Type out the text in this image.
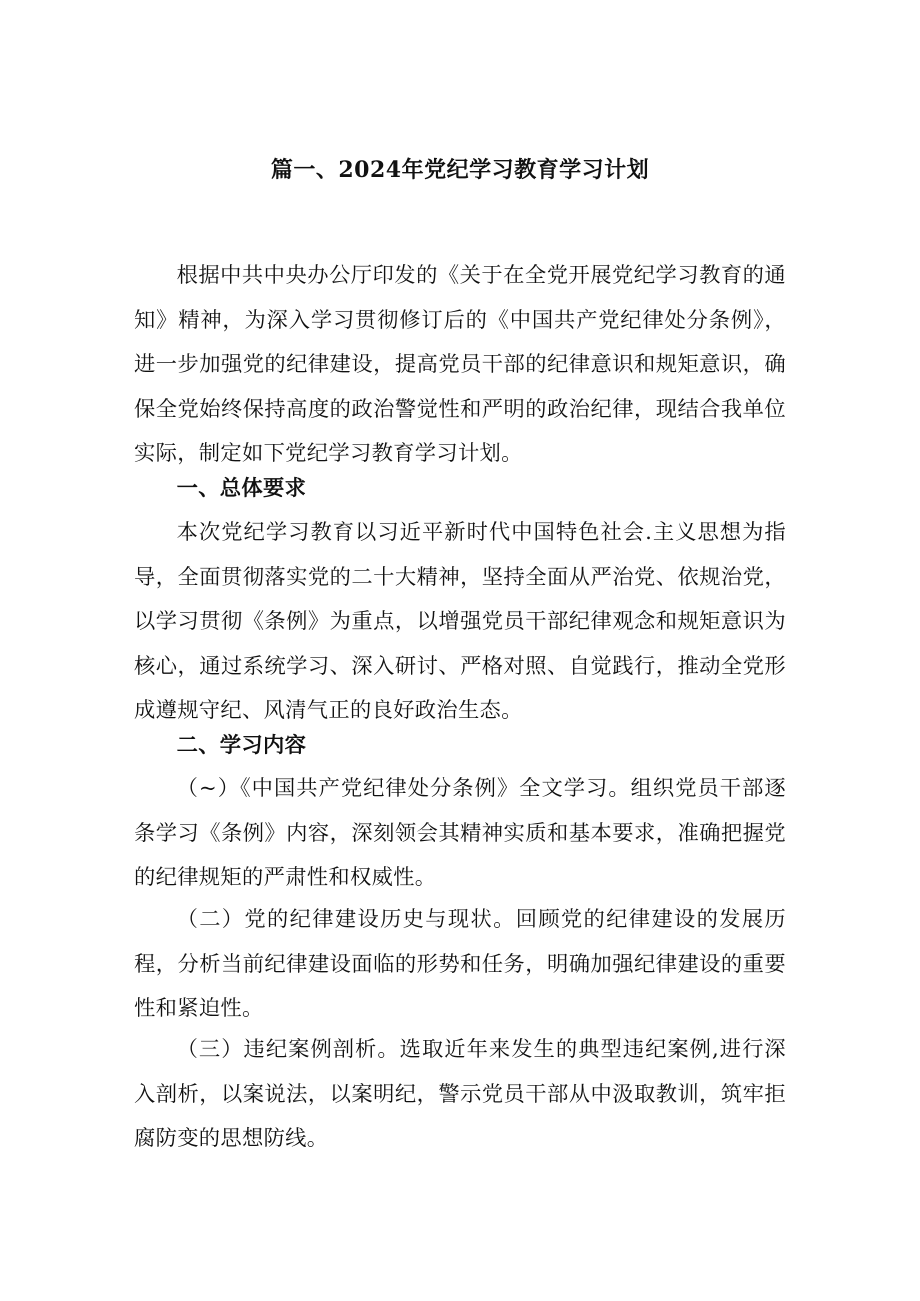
篇一、2024年党纪学习教育学习计划

根据中共中央办公厅印发的《关于在全党开展党纪学习教育的通知》精神，为深入学习贯彻修订后的《中国共产党纪律处分条例》，进一步加强党的纪律建设，提高党员干部的纪律意识和规矩意识，确保全党始终保持高度的政治警觉性和严明的政治纪律，现结合我单位实际，制定如下党纪学习教育学习计划。

一、总体要求

本次党纪学习教育以习近平新时代中国特色社会.主义思想为指导，全面贯彻落实党的二十大精神，坚持全面从严治党、依规治党，以学习贯彻《条例》为重点，以增强党员干部纪律观念和规矩意识为核心，通过系统学习、深入研讨、严格对照、自觉践行，推动全党形成遵规守纪、风清气正的良好政治生态。

二、学习内容

（~）《中国共产党纪律处分条例》全文学习。组织党员干部逐条学习《条例》内容，深刻领会其精神实质和基本要求，准确把握党的纪律规矩的严肃性和权威性。

（二）党的纪律建设历史与现状。回顾党的纪律建设的发展历程，分析当前纪律建设面临的形势和任务，明确加强纪律建设的重要性和紧迫性。

（三）违纪案例剖析。选取近年来发生的典型违纪案例,进行深入剖析，以案说法，以案明纪，警示党员干部从中汲取教训，筑牢拒腐防变的思想防线。
